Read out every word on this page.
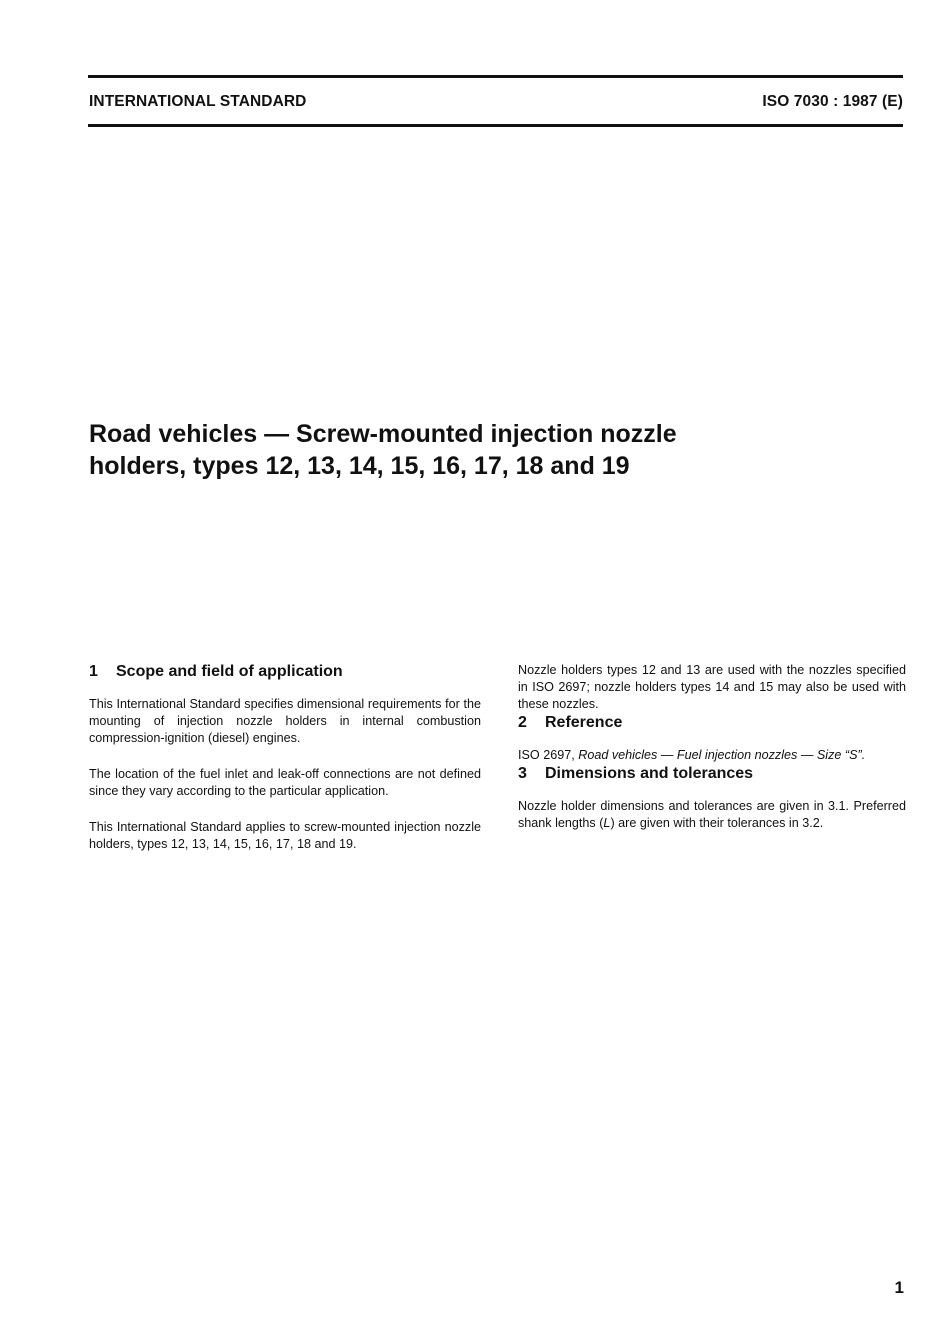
INTERNATIONAL STANDARD	ISO 7030 : 1987 (E)
Road vehicles — Screw-mounted injection nozzle
holders, types 12, 13, 14, 15, 16, 17, 18 and 19
1 Scope and field of application

This International Standard specifies dimensional requirements for the mounting of injection nozzle holders in internal combustion compression-ignition (diesel) engines.

The location of the fuel inlet and leak-off connections are not defined since they vary according to the particular application.

This International Standard applies to screw-mounted injection nozzle holders, types 12, 13, 14, 15, 16, 17, 18 and 19.

Nozzle holders types 12 and 13 are used with the nozzles specified in ISO 2697; nozzle holders types 14 and 15 may also be used with these nozzles.

2 Reference

ISO 2697, Road vehicles — Fuel injection nozzles — Size “S”.

3 Dimensions and tolerances

Nozzle holder dimensions and tolerances are given in 3.1. Preferred shank lengths (L) are given with their tolerances in 3.2.

1
